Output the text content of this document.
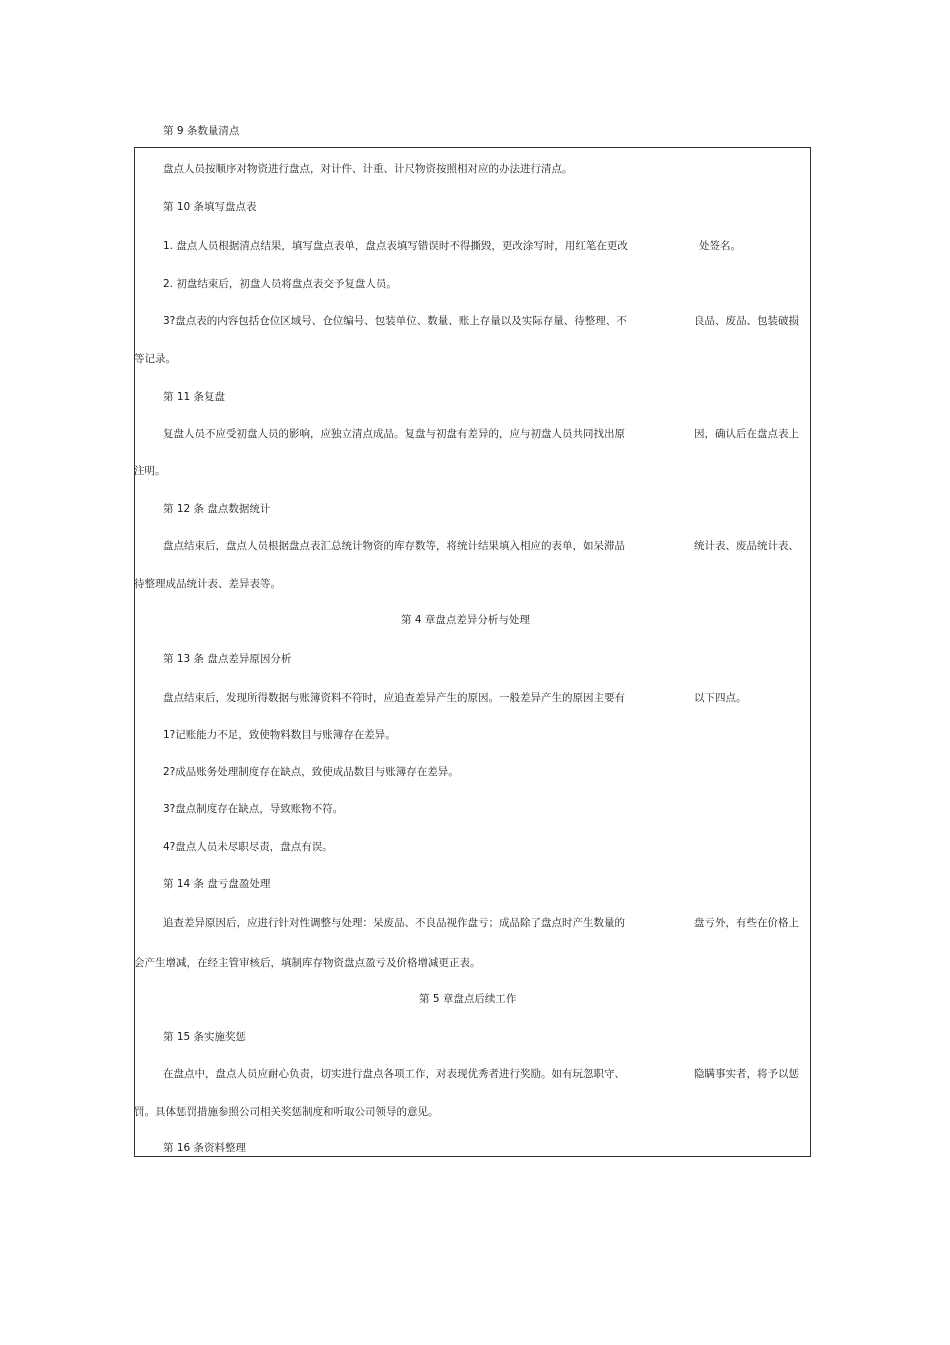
第 9 条数量清点
盘点人员按顺序对物资进行盘点，对计件、计重、计尺物资按照相对应的办法进行清点。
第 10 条填写盘点表
1. 盘点人员根据清点结果，填写盘点表单，盘点表填写错误时不得撕毁，更改涂写时，用红笔在更改	处签名。
2. 初盘结束后，初盘人员将盘点表交予复盘人员。
3?盘点表的内容包括仓位区域号、仓位编号、包装单位、数量、账上存量以及实际存量、待整理、不	良品、废品、包装破损
等记录。
第 11 条复盘
复盘人员不应受初盘人员的影响，应独立清点成品。复盘与初盘有差异的，应与初盘人员共同找出原	因，确认后在盘点表上
注明。
第 12 条 盘点数据统计
盘点结束后，盘点人员根据盘点表汇总统计物资的库存数等，将统计结果填入相应的表单，如呆滞品	统计表、废品统计表、
待整理成品统计表、差异表等。
第 4 章盘点差异分析与处理
第 13 条 盘点差异原因分析
盘点结束后，发现所得数据与账簿资料不符时，应追查差异产生的原因。一般差异产生的原因主要有	以下四点。
1?记账能力不足，致使物料数目与账簿存在差异。
2?成品账务处理制度存在缺点，致使成品数目与账簿存在差异。
3?盘点制度存在缺点，导致账物不符。
4?盘点人员未尽职尽责，盘点有误。
第 14 条 盘亏盘盈处理
追查差异原因后，应进行针对性调整与处理：呆废品、不良品视作盘亏；成品除了盘点时产生数量的	盘亏外，有些在价格上
会产生增减，在经主管审核后，填制库存物资盘点盈亏及价格增减更正表。
第 5 章盘点后续工作
第 15 条实施奖惩
在盘点中，盘点人员应耐心负责，切实进行盘点各项工作，对表现优秀者进行奖励。如有玩忽职守、	隐瞒事实者，将予以惩
罚。具体惩罚措施参照公司相关奖惩制度和听取公司领导的意见。
第 16 条资料整理
